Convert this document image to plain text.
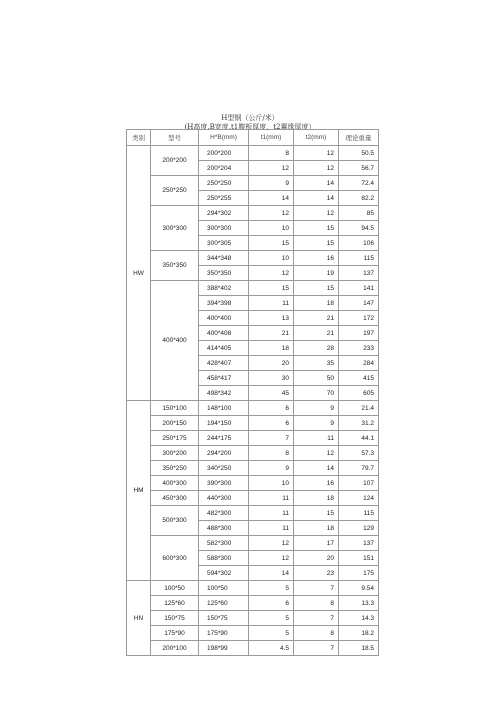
H型钢（公斤/米）
(H高度,B宽度,t1腹板厚度，t2翼缘厚度）
类别	型号	H*B(mm)	t1(mm)	t2(mm)	理论重量
HW	200*200	200*200	8	12	50.5
		200*204	12	12	56.7
	250*250	250*250	9	14	72.4
		250*255	14	14	82.2
	300*300	294*302	12	12	85
		300*300	10	15	94.5
		300*305	15	15	106
	350*350	344*348	10	16	115
		350*350	12	19	137
	400*400	388*402	15	15	141
		394*398	11	18	147
		400*400	13	21	172
		400*408	21	21	197
		414*405	18	28	233
		428*407	20	35	284
		458*417	30	50	415
		498*342	45	70	605
HM	150*100	148*100	6	9	21.4
	200*150	194*150	6	9	31.2
	250*175	244*175	7	11	44.1
	300*200	294*200	8	12	57.3
	350*250	340*250	9	14	79.7
	400*300	390*300	10	16	107
	450*300	440*300	11	18	124
	500*300	482*300	11	15	115
		488*300	11	18	129
	600*300	582*300	12	17	137
		588*300	12	20	151
		594*302	14	23	175
HN	100*50	100*50	5	7	9.54
	125*60	125*60	6	8	13.3
	150*75	150*75	5	7	14.3
	175*90	175*90	5	8	18.2
	200*100	198*99	4.5	7	18.5
